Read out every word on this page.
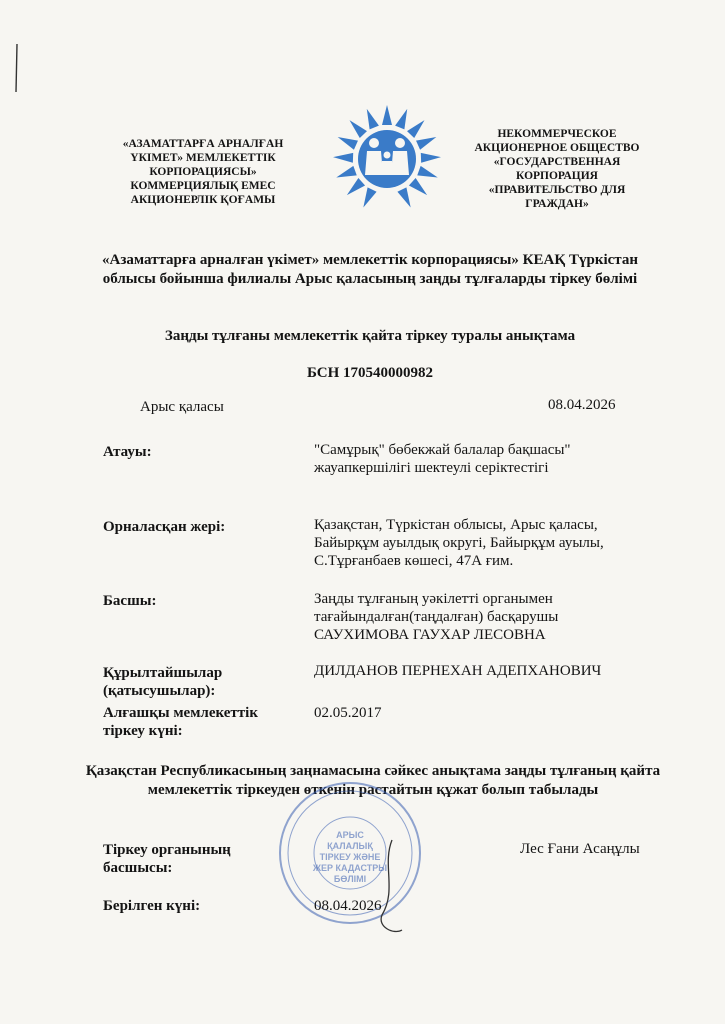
«АЗАМАТТАРҒА АРНАЛҒАН ҮКІМЕТ» МЕМЛЕКЕТТІК КОРПОРАЦИЯСЫ» КОММЕРЦИЯЛЫҚ ЕМЕС АКЦИОНЕРЛІК ҚОҒАМЫ
НЕКОММЕРЧЕСКОЕ АКЦИОНЕРНОЕ ОБЩЕСТВО «ГОСУДАРСТВЕННАЯ КОРПОРАЦИЯ «ПРАВИТЕЛЬСТВО ДЛЯ ГРАЖДАН»
«Азаматтарға арналған үкімет» мемлекеттік корпорациясы» КЕАҚ Түркістан облысы бойынша филиалы Арыс қаласының заңды тұлғаларды тіркеу бөлімі
Заңды тұлғаны мемлекеттік қайта тіркеу туралы анықтама
БСН 170540000982
Арыс қаласы	08.04.2026
Атауы:	"Самұрық" бөбекжай балалар бақшасы" жауапкершілігі шектеулі серіктестігі
Орналасқан жері:	Қазақстан, Түркістан облысы, Арыс қаласы, Байырқұм ауылдық округі, Байырқұм ауылы, С.Тұрғанбаев көшесі, 47А ғим.
Басшы:	Заңды тұлғаның уәкілетті органымен тағайындалған(таңдалған) басқарушы САУХИМОВА ГАУХАР ЛЕСОВНА
Құрылтайшылар (қатысушылар):
ДИЛДАНОВ ПЕРНЕХАН АДЕПХАНОВИЧ
Алғашқы мемлекеттік тіркеу күні:
02.05.2017
Қазақстан Республикасының заңнамасына сәйкес анықтама заңды тұлғаның қайта мемлекеттік тіркеуден өткенін растайтын құжат болып табылады
АРЫС
ҚАЛАЛЫҚ
ТІРКЕУ ЖӘНЕ
ЖЕР КАДАСТРЫ
БӨЛІМІ
Тіркеу органының басшысы:
Лес Ғани Асаңұлы
Берілген күні:	08.04.2026
